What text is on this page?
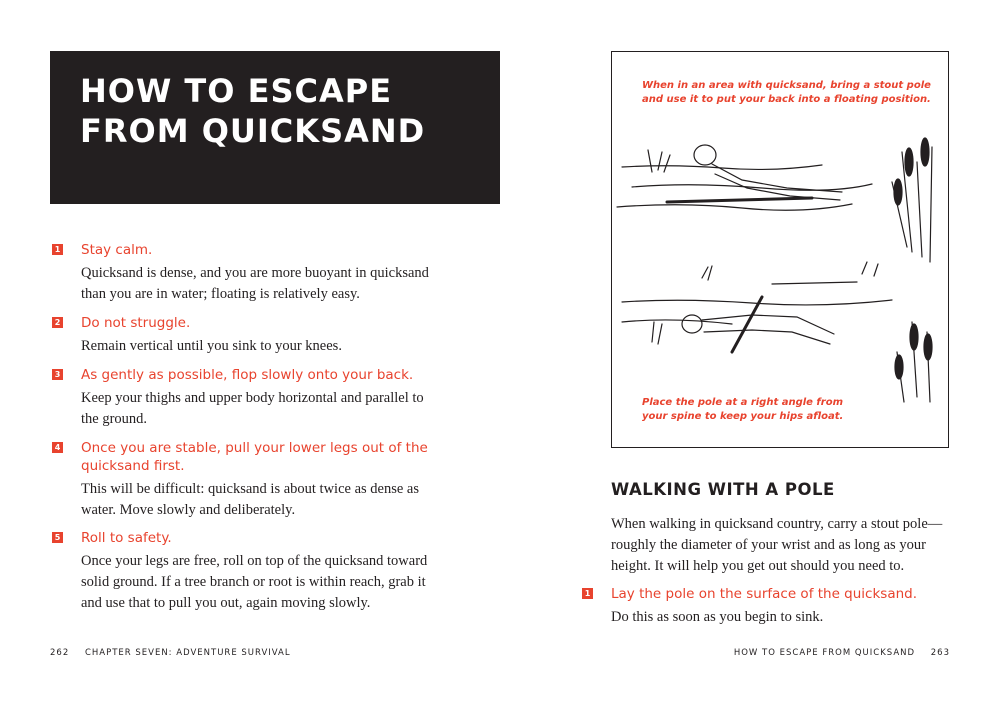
HOW TO ESCAPE
FROM QUICKSAND
1 Stay calm.
Quicksand is dense, and you are more buoyant in quicksand than you are in water; floating is relatively easy.
2 Do not struggle.
Remain vertical until you sink to your knees.
3 As gently as possible, flop slowly onto your back.
Keep your thighs and upper body horizontal and parallel to the ground.
4 Once you are stable, pull your lower legs out of the quicksand first.
This will be difficult: quicksand is about twice as dense as water. Move slowly and deliberately.
5 Roll to safety.
Once your legs are free, roll on top of the quicksand toward solid ground. If a tree branch or root is within reach, grab it and use that to pull you out, again moving slowly.
262 CHAPTER SEVEN: ADVENTURE SURVIVAL
When in an area with quicksand, bring a stout pole and use it to put your back into a floating position.
Place the pole at a right angle from your spine to keep your hips afloat.
WALKING WITH A POLE
When walking in quicksand country, carry a stout pole—roughly the diameter of your wrist and as long as your height. It will help you get out should you need to.
1 Lay the pole on the surface of the quicksand.
Do this as soon as you begin to sink.
HOW TO ESCAPE FROM QUICKSAND 263
